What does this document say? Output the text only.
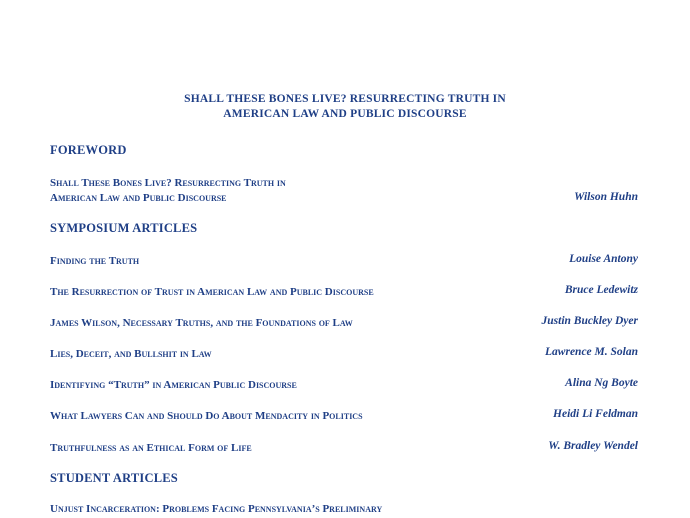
SHALL THESE BONES LIVE? RESURRECTING TRUTH IN
AMERICAN LAW AND PUBLIC DISCOURSE
FOREWORD
Shall These Bones Live? Resurrecting Truth in
American Law and Public Discourse	Wilson Huhn
SYMPOSIUM ARTICLES
Finding the Truth	Louise Antony
The Resurrection of Trust in American Law and Public Discourse	Bruce Ledewitz
James Wilson, Necessary Truths, and the Foundations of Law	Justin Buckley Dyer
Lies, Deceit, and Bullshit in Law	Lawrence M. Solan
Identifying “Truth” in American Public Discourse	Alina Ng Boyte
What Lawyers Can and Should Do About Mendacity in Politics	Heidi Li Feldman
Truthfulness as an Ethical Form of Life	W. Bradley Wendel
STUDENT ARTICLES
Unjust Incarceration: Problems Facing Pennsylvania’s Preliminary
